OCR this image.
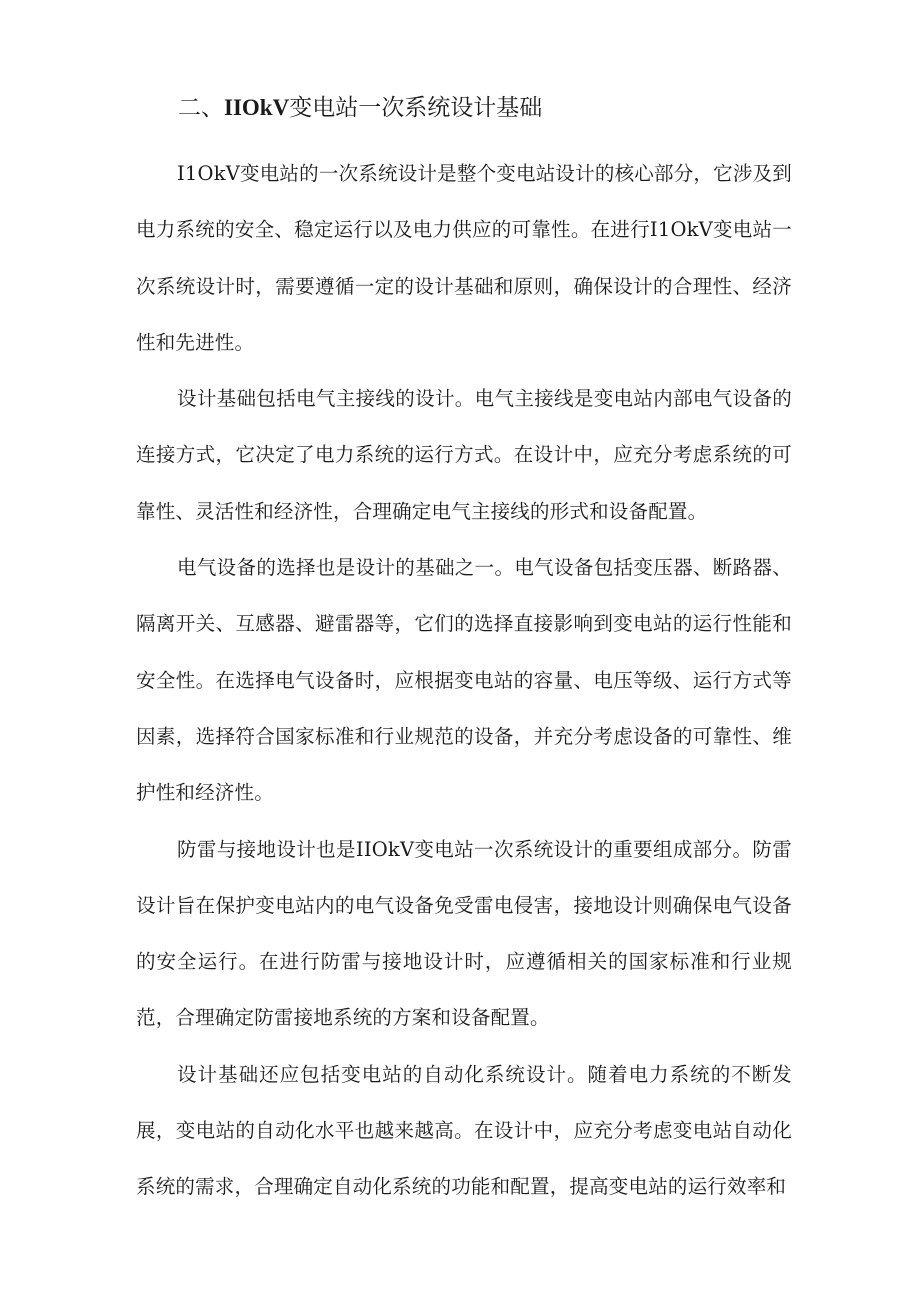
二、IIOkV变电站一次系统设计基础

I1OkV变电站的一次系统设计是整个变电站设计的核心部分，它涉及到电力系统的安全、稳定运行以及电力供应的可靠性。在进行I1OkV变电站一次系统设计时，需要遵循一定的设计基础和原则，确保设计的合理性、经济性和先进性。

设计基础包括电气主接线的设计。电气主接线是变电站内部电气设备的连接方式，它决定了电力系统的运行方式。在设计中，应充分考虑系统的可靠性、灵活性和经济性，合理确定电气主接线的形式和设备配置。

电气设备的选择也是设计的基础之一。电气设备包括变压器、断路器、隔离开关、互感器、避雷器等，它们的选择直接影响到变电站的运行性能和安全性。在选择电气设备时，应根据变电站的容量、电压等级、运行方式等因素，选择符合国家标准和行业规范的设备，并充分考虑设备的可靠性、维护性和经济性。

防雷与接地设计也是IIOkV变电站一次系统设计的重要组成部分。防雷设计旨在保护变电站内的电气设备免受雷电侵害，接地设计则确保电气设备的安全运行。在进行防雷与接地设计时，应遵循相关的国家标准和行业规范，合理确定防雷接地系统的方案和设备配置。

设计基础还应包括变电站的自动化系统设计。随着电力系统的不断发展，变电站的自动化水平也越来越高。在设计中，应充分考虑变电站自动化系统的需求，合理确定自动化系统的功能和配置，提高变电站的运行效率和
